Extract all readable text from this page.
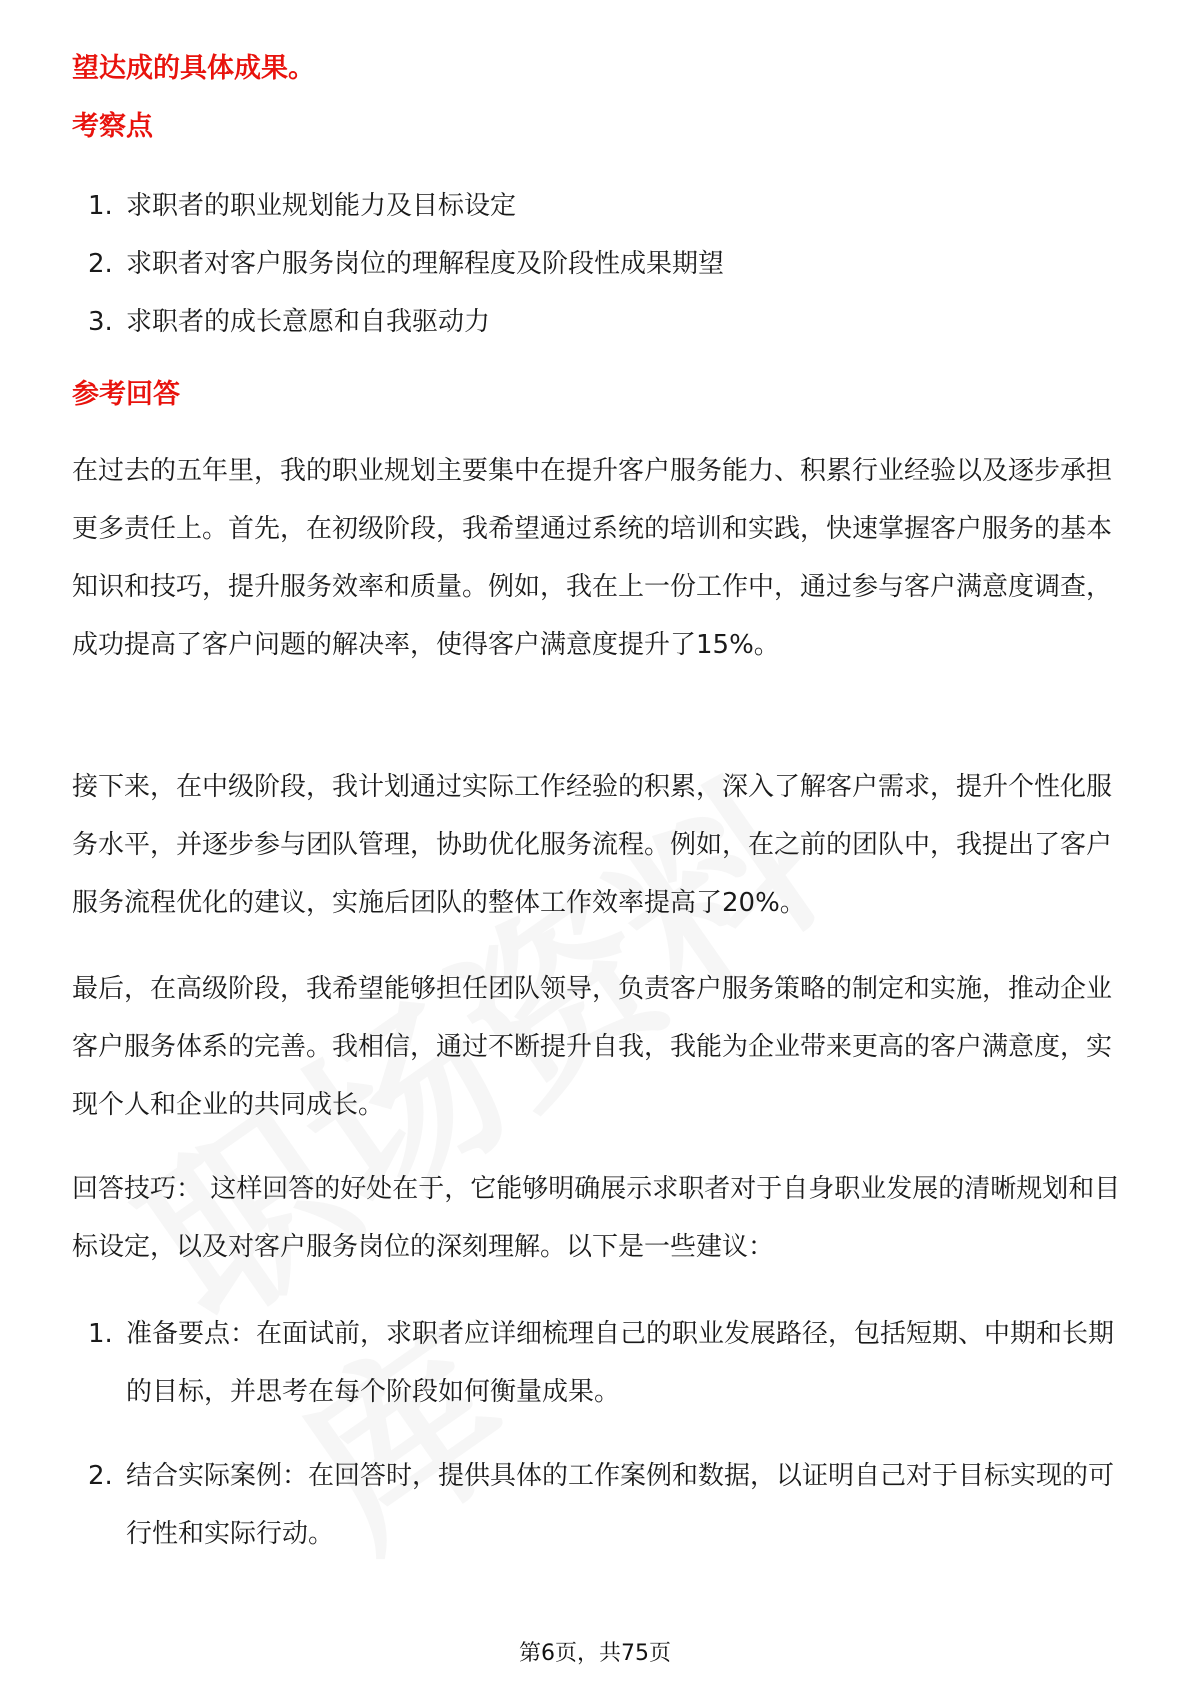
望达成的具体成果。
考察点
1. 求职者的职业规划能力及目标设定
2. 求职者对客户服务岗位的理解程度及阶段性成果期望
3. 求职者的成长意愿和自我驱动力
参考回答

在过去的五年里，我的职业规划主要集中在提升客户服务能力、积累行业经验以及逐步承担更多责任上。首先，在初级阶段，我希望通过系统的培训和实践，快速掌握客户服务的基本知识和技巧，提升服务效率和质量。例如，我在上一份工作中，通过参与客户满意度调查，成功提高了客户问题的解决率，使得客户满意度提升了15%。

接下来，在中级阶段，我计划通过实际工作经验的积累，深入了解客户需求，提升个性化服务水平，并逐步参与团队管理，协助优化服务流程。例如，在之前的团队中，我提出了客户服务流程优化的建议，实施后团队的整体工作效率提高了20%。

最后，在高级阶段，我希望能够担任团队领导，负责客户服务策略的制定和实施，推动企业客户服务体系的完善。我相信，通过不断提升自我，我能为企业带来更高的客户满意度，实现个人和企业的共同成长。

回答技巧： 这样回答的好处在于，它能够明确展示求职者对于自身职业发展的清晰规划和目标设定，以及对客户服务岗位的深刻理解。以下是一些建议：

1. 准备要点：在面试前，求职者应详细梳理自己的职业发展路径，包括短期、中期和长期的目标，并思考在每个阶段如何衡量成果。
2. 结合实际案例：在回答时，提供具体的工作案例和数据，以证明自己对于目标实现的可行性和实际行动。
第6页，共75页
